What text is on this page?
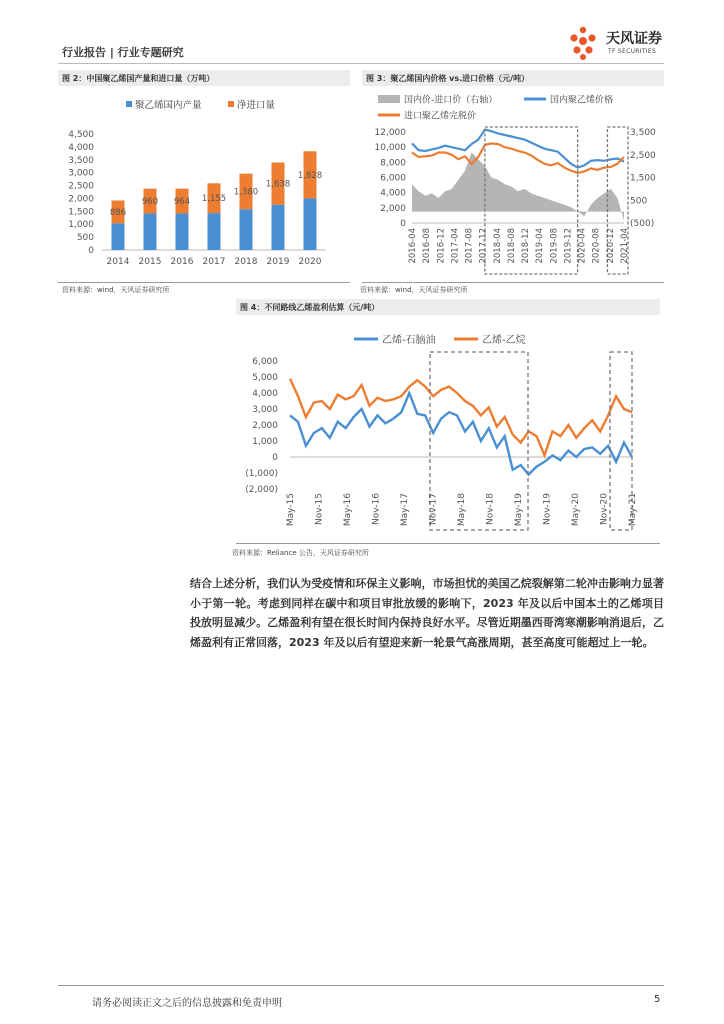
行业报告 | 行业专题研究
天风证券
TF SECURITIES
图 2：中国聚乙烯国产量和进口量（万吨）
聚乙烯国内产量	净进口量
0
500
1,000
1,500
2,000
2,500
3,000
3,500
4,000
4,500
886
2014
960
2015
964
2016
1,155
2017
1,380
2018
1,638
2019
1,828
2020
资料来源：wind，天风证券研究所
图 3：聚乙烯国内价格 vs.进口价格（元/吨）
国内价-进口价（右轴）	国内聚乙烯价格
进口聚乙烯完税价
0
2,000
4,000
6,000
8,000
10,000
12,000
(500)
500
1,500
2,500
3,500
2016-04 2016-08 2016-12 2017-04 2017-08 2017-12 2018-04 2018-08 2018-12 2019-04 2019-08 2019-12 2020-04 2020-08 2020-12 2021-04
资料来源：wind，天风证券研究所
图 4：不同路线乙烯盈利估算（元/吨）
乙烯-石脑油	乙烯-乙烷
(2,000)
(1,000)
0
1,000
2,000
3,000
4,000
5,000
6,000
May-15 Nov-15 May-16 Nov-16 May-17 Nov-17 May-18 Nov-18 May-19 Nov-19 May-20 Nov-20 May-21
资料来源：Reliance 公告，天风证券研究所
结合上述分析，我们认为受疫情和环保主义影响，市场担忧的美国乙烷裂解第二轮冲击影响力显著小于第一轮。考虑到同样在碳中和项目审批放缓的影响下，2023 年及以后中国本土的乙烯项目投放明显减少。乙烯盈利有望在很长时间内保持良好水平。尽管近期墨西哥湾寒潮影响消退后，乙烯盈利有正常回落，2023 年及以后有望迎来新一轮景气高涨周期，甚至高度可能超过上一轮。
请务必阅读正文之后的信息披露和免责申明	5
